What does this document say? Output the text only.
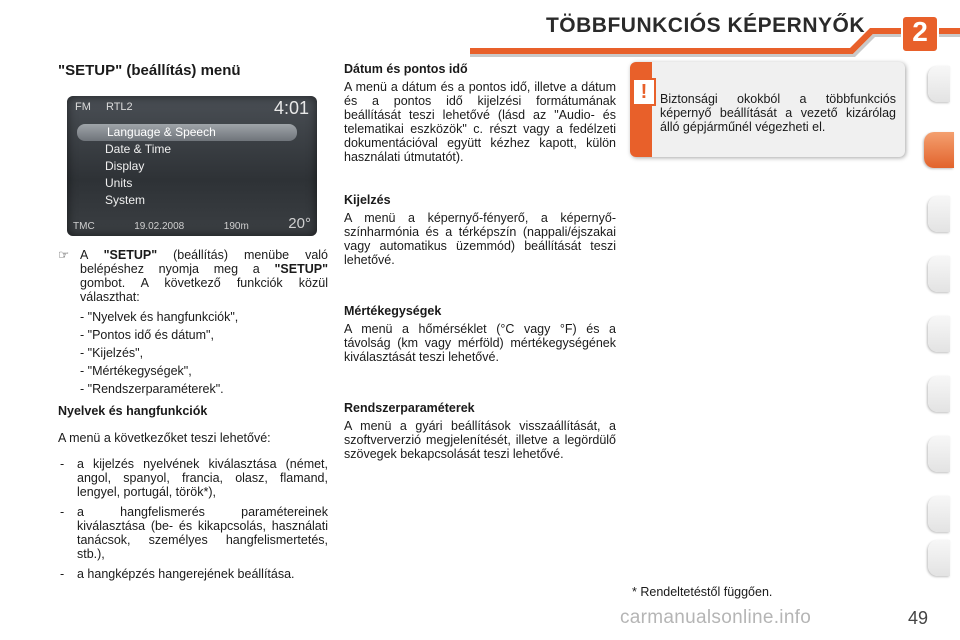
TÖBBFUNKCIÓS KÉPERNYŐK	2
"SETUP" (beállítás) menü
FM RTL2	4:01
Language & Speech
Date & Time
Display
Units
System
TMC	19.02.2008	190m	20°
☞ A "SETUP" (beállítás) menübe való belépéshez nyomja meg a "SETUP" gombot. A következő funkciók közül választhat:

- "Nyelvek és hangfunkciók",
- "Pontos idő és dátum",
- "Kijelzés",
- "Mértékegységek",
- "Rendszerparaméterek".
Nyelvek és hangfunkciók

A menü a következőket teszi lehetővé:

- a kijelzés nyelvének kiválasztása (német, angol, spanyol, francia, olasz, flamand, lengyel, portugál, török*),
- a hangfelismerés paramétereinek kiválasztása (be- és kikapcsolás, használati tanácsok, személyes hangfelismertetés, stb.),
- a hangképzés hangerejének beállítása.
Dátum és pontos idő

A menü a dátum és a pontos idő, illetve a dátum és a pontos idő kijelzési formátumának beállítását teszi lehetővé (lásd az "Audio- és telematikai eszközök" c. részt vagy a fedélzeti dokumentációval együtt kézhez kapott, külön használati útmutatót).

Kijelzés

A menü a képernyő-fényerő, a képernyő-színharmónia és a térképszín (nappali/éjszakai vagy automatikus üzemmód) beállítását teszi lehetővé.

Mértékegységek

A menü a hőmérséklet (°C vagy °F) és a távolság (km vagy mérföld) mértékegységének kiválasztását teszi lehetővé.

Rendszerparaméterek

A menü a gyári beállítások visszaállítását, a szoftververzió megjelenítését, illetve a legördülő szövegek bekapcsolását teszi lehetővé.

!	Biztonsági okokból a többfunkciós képernyő beállítását a vezető kizárólag álló gépjárműnél végezheti el.

* Rendeltetéstől függően.
carmanualsonline.info	49
